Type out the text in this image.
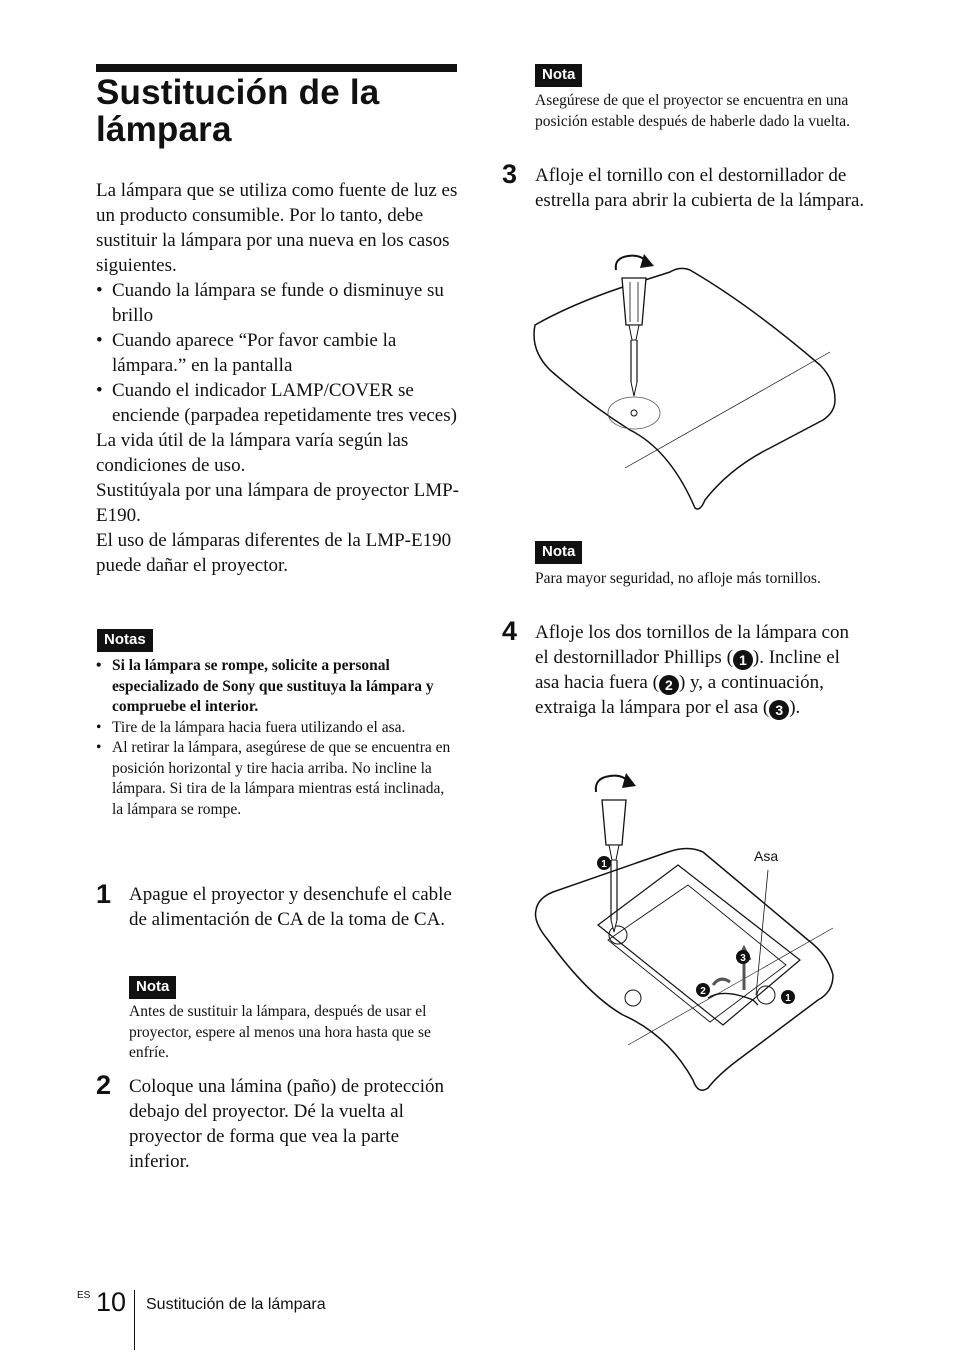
Sustitución de la lámpara

La lámpara que se utiliza como fuente de luz es un producto consumible. Por lo tanto, debe sustituir la lámpara por una nueva en los casos siguientes.

• Cuando la lámpara se funde o disminuye su brillo
• Cuando aparece “Por favor cambie la lámpara.” en la pantalla
• Cuando el indicador LAMP/COVER se enciende (parpadea repetidamente tres veces)

La vida útil de la lámpara varía según las condiciones de uso.

Sustitúyala por una lámpara de proyector LMP-E190.

El uso de lámparas diferentes de la LMP-E190 puede dañar el proyector.

Notas
• Si la lámpara se rompe, solicite a personal especializado de Sony que sustituya la lámpara y compruebe el interior.
• Tire de la lámpara hacia fuera utilizando el asa.
• Al retirar la lámpara, asegúrese de que se encuentra en posición horizontal y tire hacia arriba. No incline la lámpara. Si tira de la lámpara mientras está inclinada, la lámpara se rompe.
1 Apague el proyector y desenchufe el cable de alimentación de CA de la toma de CA.

Nota

Antes de sustituir la lámpara, después de usar el proyector, espere al menos una hora hasta que se enfríe.

2 Coloque una lámina (paño) de protección debajo del proyector. Dé la vuelta al proyector de forma que vea la parte inferior.

Nota

Asegúrese de que el proyector se encuentra en una posición estable después de haberle dado la vuelta.

3 Afloje el tornillo con el destornillador de estrella para abrir la cubierta de la lámpara.

Nota

Para mayor seguridad, no afloje más tornillos.

4 Afloje los dos tornillos de la lámpara con el destornillador Phillips ( 1 ). Incline el asa hacia fuera ( 2 ) y, a continuación, extraiga la lámpara por el asa ( 3 ).

1
1
2
3
Asa
ES 10 Sustitución de la lámpara
